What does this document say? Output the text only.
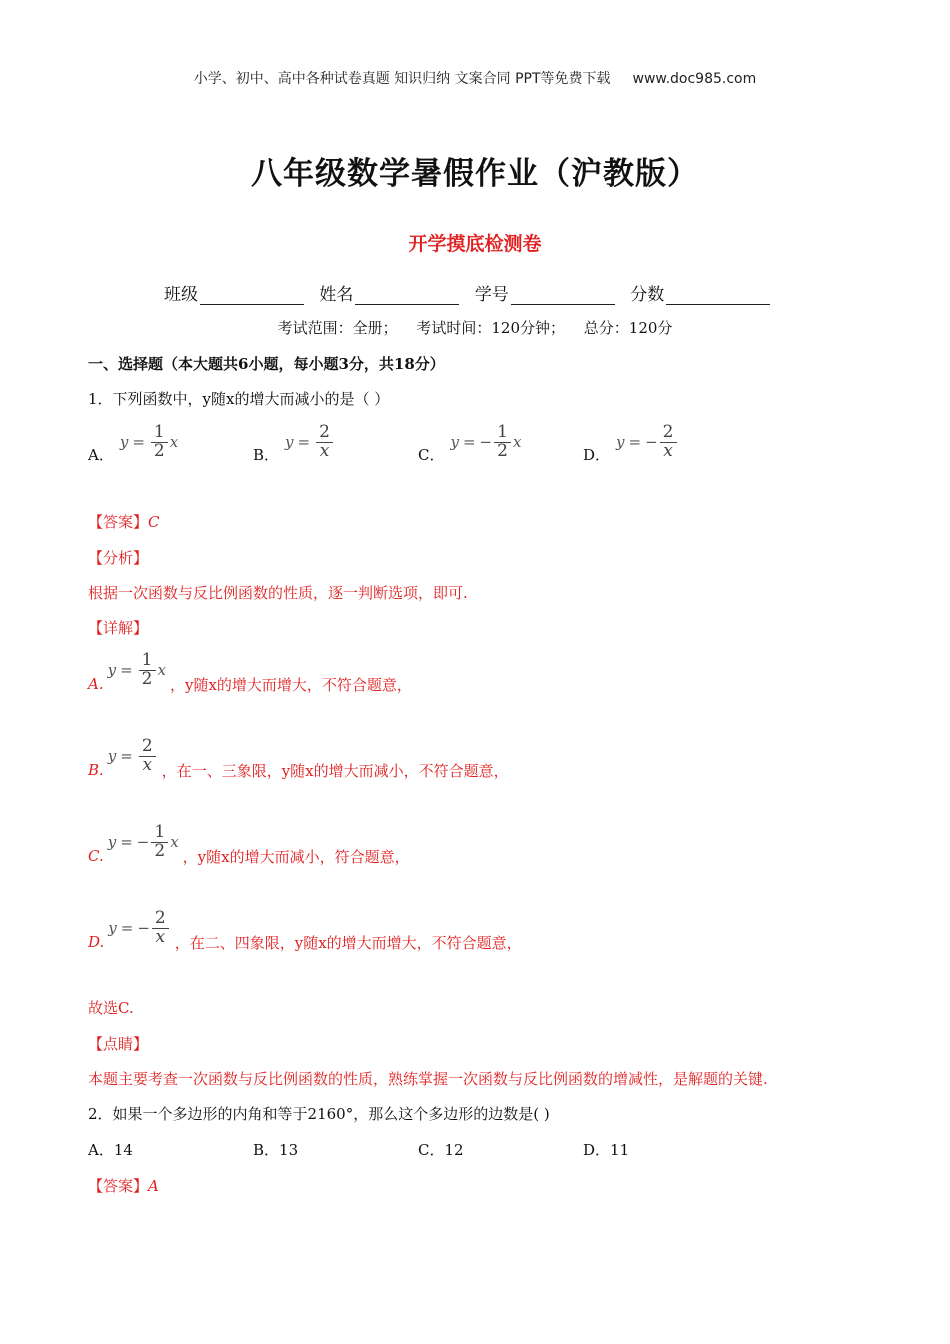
小学、初中、高中各种试卷真题 知识归纳 文案合同 PPT等免费下载 www.doc985.com
八年级数学暑假作业（沪教版）
开学摸底检测卷
班级	姓名	学号	分数
考试范围：全册； 考试时间：120分钟； 总分：120分
一、选择题（本大题共6小题，每小题3分，共18分）
1．下列函数中，y随x的增大而减小的是（ ）
A．
$y = \frac{1}{2}$ x
B．
$y = \frac{2}{x}$	C．
y = − $\frac{1}{2}$ x
D．
y = − $\frac{2}{x}$
【答案】C
【分析】
根据一次函数与反比例函数的性质，逐一判断选项，即可.
【详解】
A.
$y = \frac{1}{2}$ x
，y随x的增大而增大，不符合题意，
B.
$y = \frac{2}{x}$ ，在一、三象限，y随x的增大而减小，不符合题意，
C.
y = − $\frac{1}{2}$ x
，y随x的增大而减小，符合题意，
D.
y = − $\frac{2}{x}$ ，在二、四象限，y随x的增大而增大，不符合题意，
故选C.
【点睛】
本题主要考查一次函数与反比例函数的性质，熟练掌握一次函数与反比例函数的增减性，是解题的关键.
2．如果一个多边形的内角和等于2160°，那么这个多边形的边数是( )
A．14	B．13	C．12	D．11
【答案】A
